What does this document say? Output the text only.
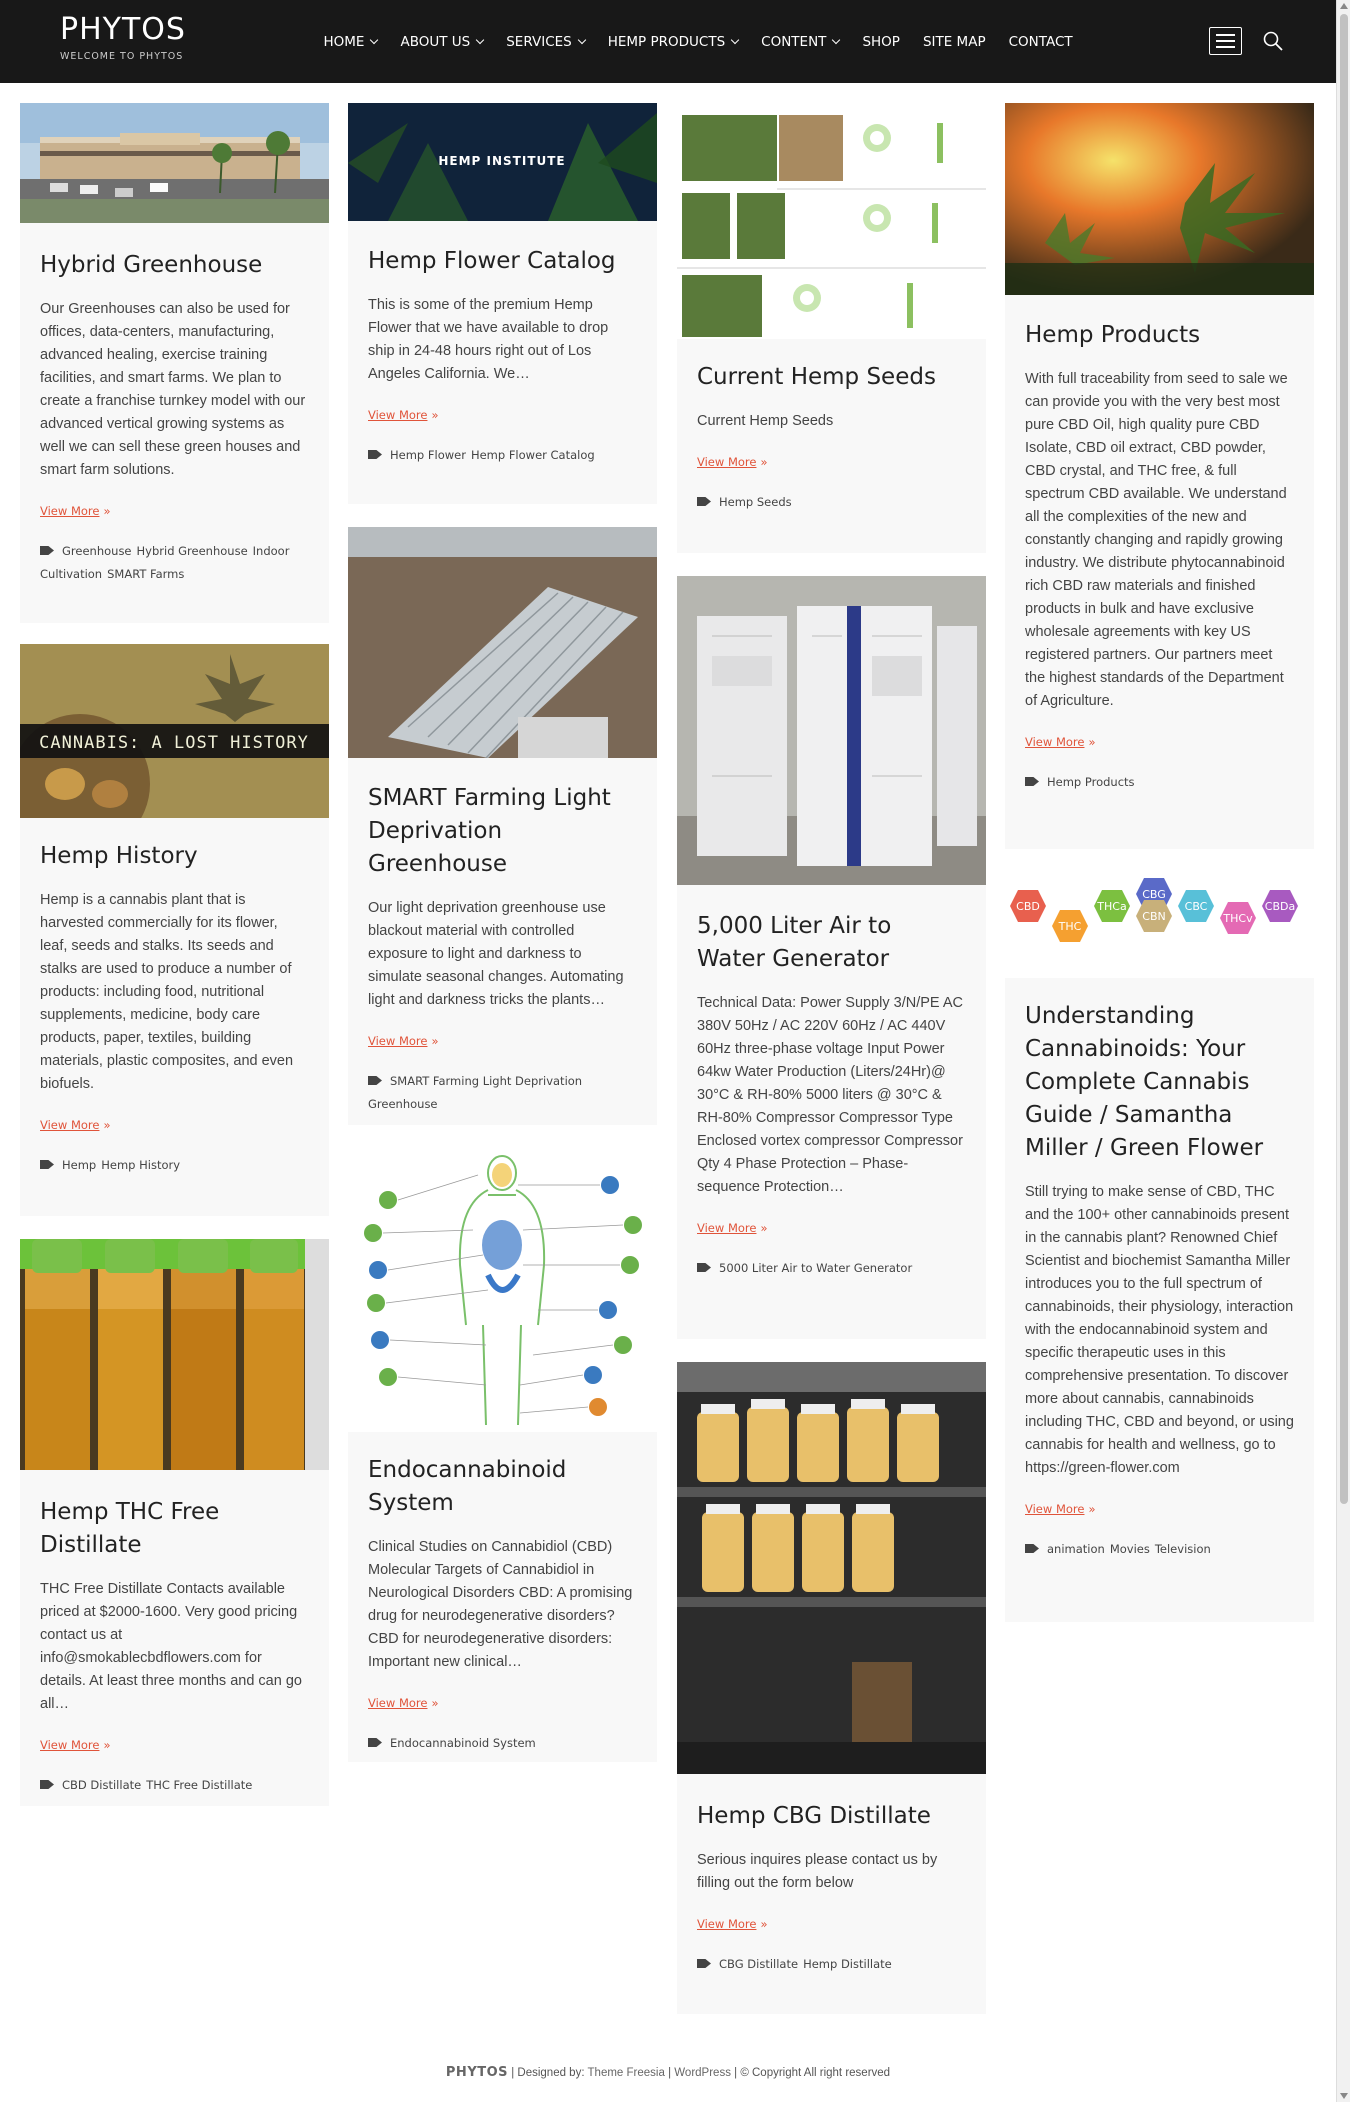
PHYTOS
WELCOME TO PHYTOS
HOME	ABOUT US	SERVICES	HEMP PRODUCTS	CONTENT	SHOP SITE MAP CONTACT
Hybrid Greenhouse

Our Greenhouses can also be used for offices, data-centers, manufacturing, advanced healing, exercise training facilities, and smart farms. We plan to create a franchise turnkey model with our advanced vertical growing systems as well we can sell these green houses and smart farm solutions.

View More »
Greenhouse Hybrid Greenhouse Indoor Cultivation SMART Farms
CANNABIS: A LOST HISTORY
Hemp History

Hemp is a cannabis plant that is harvested commercially for its flower, leaf, seeds and stalks. Its seeds and stalks are used to produce a number of products: including food, nutritional supplements, medicine, body care products, paper, textiles, building materials, plastic composites, and even biofuels.

View More »
Hemp Hemp History
Hemp THC Free Distillate

THC Free Distillate Contacts available priced at $2000-1600. Very good pricing contact us at info@smokablecbdflowers.com for details. At least three months and can go all…

View More »
CBD Distillate THC Free Distillate
HEMP INSTITUTE
Hemp Flower Catalog

This is some of the premium Hemp Flower that we have available to drop ship in 24-48 hours right out of Los Angeles California. We…

View More »
Hemp Flower Hemp Flower Catalog
SMART Farming Light Deprivation Greenhouse

Our light deprivation greenhouse use blackout material with controlled exposure to light and darkness to simulate seasonal changes. Automating light and darkness tricks the plants…

View More »
SMART Farming Light Deprivation Greenhouse
Endocannabinoid System

Clinical Studies on Cannabidiol (CBD) Molecular Targets of Cannabidiol in Neurological Disorders CBD: A promising drug for neurodegenerative disorders? CBD for neurodegenerative disorders: Important new clinical…

View More »
Endocannabinoid System
Current Hemp Seeds

Current Hemp Seeds

View More »
Hemp Seeds
5,000 Liter Air to Water Generator

Technical Data: Power Supply 3/N/PE AC 380V 50Hz / AC 220V 60Hz / AC 440V 60Hz three-phase voltage Input Power 64kw Water Production (Liters/24Hr)@ 30°C & RH-80% 5000 liters @ 30°C & RH-80% Compressor Compressor Type Enclosed vortex compressor Compressor Qty 4 Phase Protection – Phase-sequence Protection…

View More »
5000 Liter Air to Water Generator
Hemp CBG Distillate

Serious inquires please contact us by filling out the form below

View More »
CBG Distillate Hemp Distillate
Hemp Products

With full traceability from seed to sale we can provide you with the very best most pure CBD Oil, high quality pure CBD Isolate, CBD oil extract, CBD powder, CBD crystal, and THC free, & full spectrum CBD available. We understand all the complexities of the new and constantly changing and rapidly growing industry. We distribute phytocannabinoid rich CBD raw materials and finished products in bulk and have exclusive wholesale agreements with key US registered partners. Our partners meet the highest standards of the Department of Agriculture.

View More »
Hemp Products
CBD
THC
THCa
CBG
CBN
CBC
THCv
CBDa
Understanding Cannabinoids: Your Complete Cannabis Guide / Samantha Miller / Green Flower

Still trying to make sense of CBD, THC and the 100+ other cannabinoids present in the cannabis plant? Renowned Chief Scientist and biochemist Samantha Miller introduces you to the full spectrum of cannabinoids, their physiology, interaction with the endocannabinoid system and specific therapeutic uses in this comprehensive presentation. To discover more about cannabis, cannabinoids including THC, CBD and beyond, or using cannabis for health and wellness, go to https://green-flower.com

View More »
animation Movies Television
PHYTOS | Designed by: Theme Freesia | WordPress | © Copyright All right reserved
